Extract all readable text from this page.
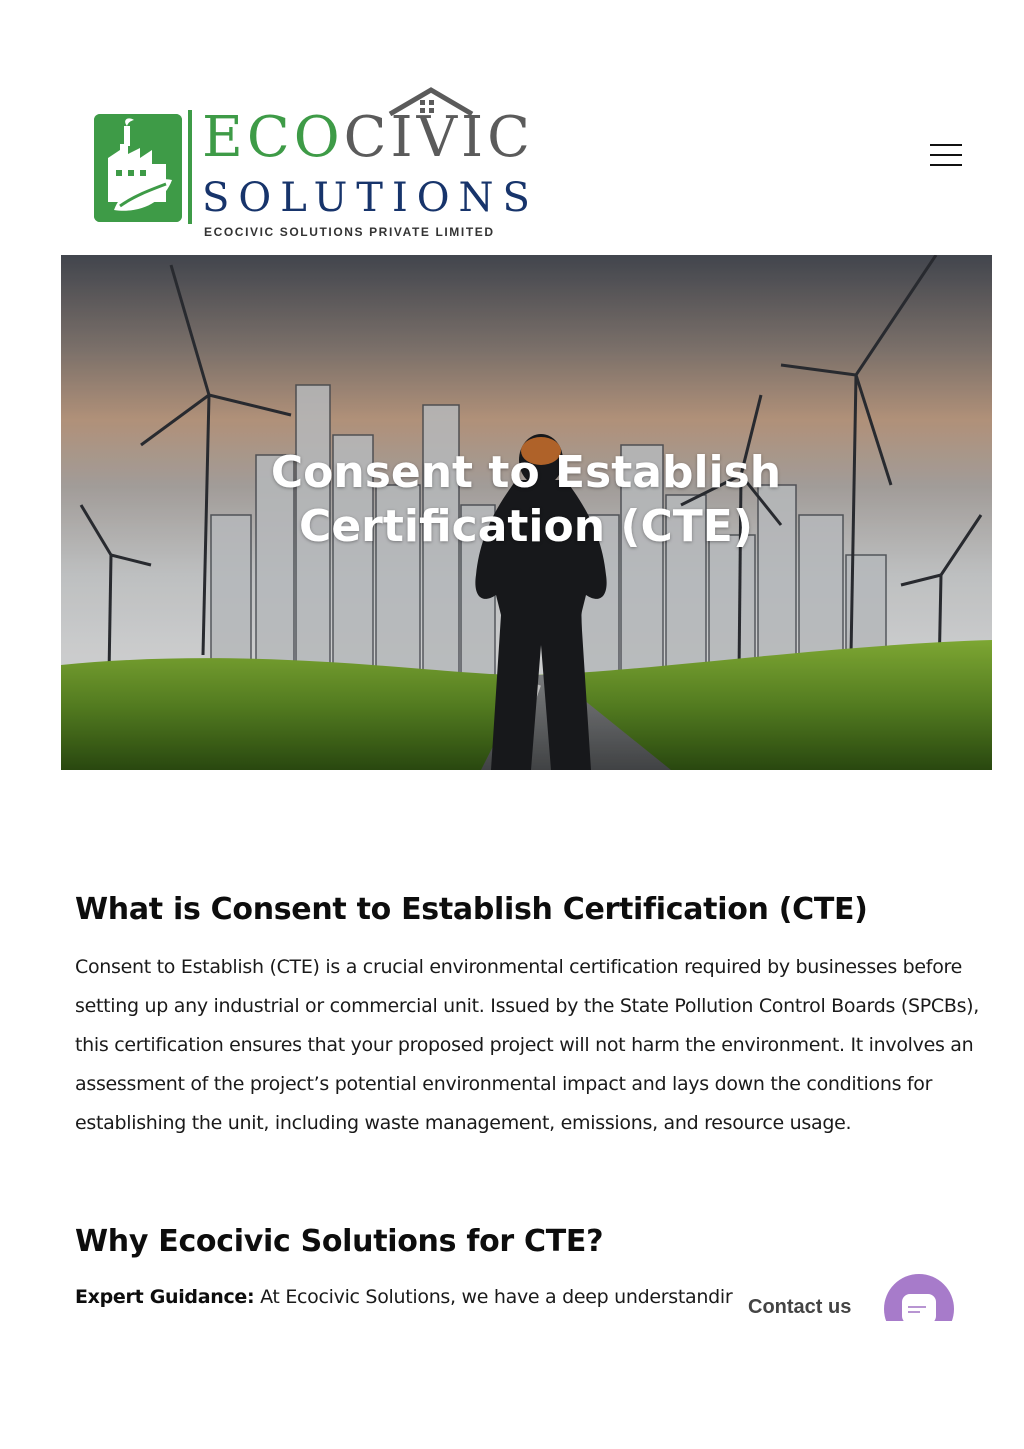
ECOCIVIC
SOLUTIONS
ECOCIVIC SOLUTIONS PRIVATE LIMITED
Consent to Establish Certification (CTE)
What is Consent to Establish Certification (CTE)

Consent to Establish (CTE) is a crucial environmental certification required by businesses before setting up any industrial or commercial unit. Issued by the State Pollution Control Boards (SPCBs), this certification ensures that your proposed project will not harm the environment. It involves an assessment of the project’s potential environmental impact and lays down the conditions for establishing the unit, including waste management, emissions, and resource usage.

Why Ecocivic Solutions for CTE?

Expert Guidance: At Ecocivic Solutions, we have a deep understandir Contact us
